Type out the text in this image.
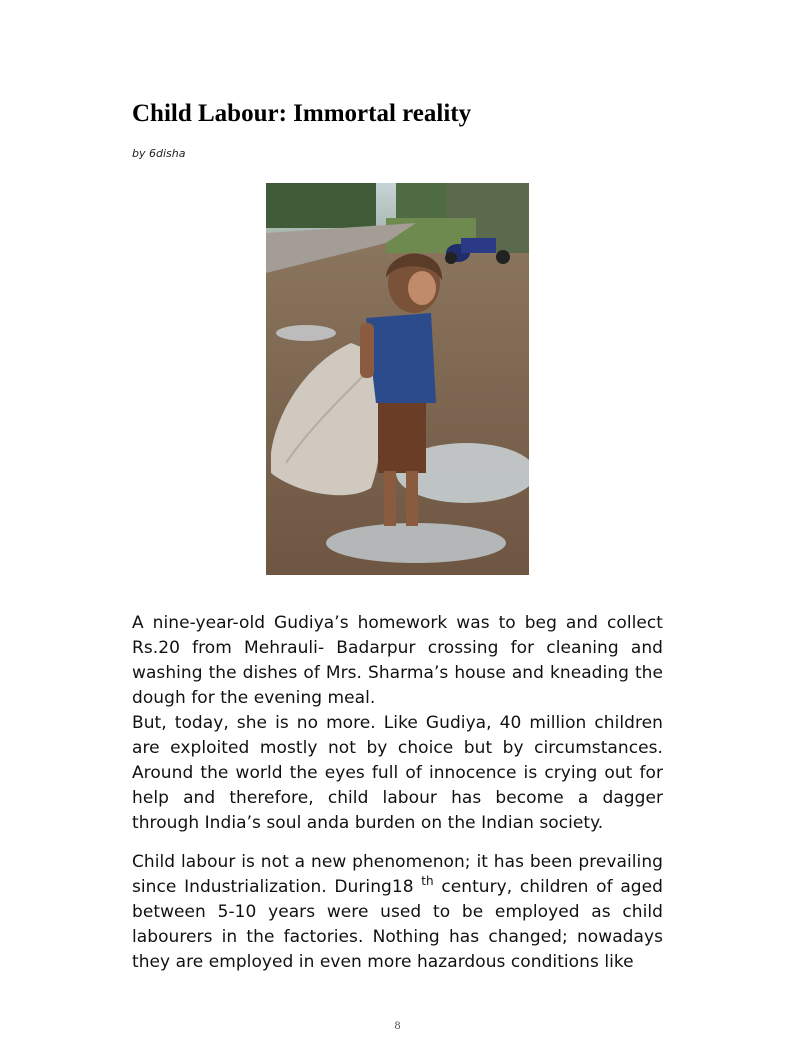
Child Labour: Immortal reality
by 6disha

A nine-year-old Gudiya’s homework was to beg and collect Rs.20 from Mehrauli- Badarpur crossing for cleaning and washing the dishes of Mrs. Sharma’s house and kneading the dough for the evening meal.

But, today, she is no more. Like Gudiya, 40 million children are exploited mostly not by choice but by circumstances. Around the world the eyes full of innocence is crying out for help and therefore, child labour has become a dagger through India’s soul anda burden on the Indian society.

Child labour is not a new phenomenon; it has been prevailing since Industrialization. During18 $^{th}$ century, children of aged between 5-10 years were used to be employed as child labourers in the factories. Nothing has changed; nowadays they are employed in even more hazardous conditions like

8
